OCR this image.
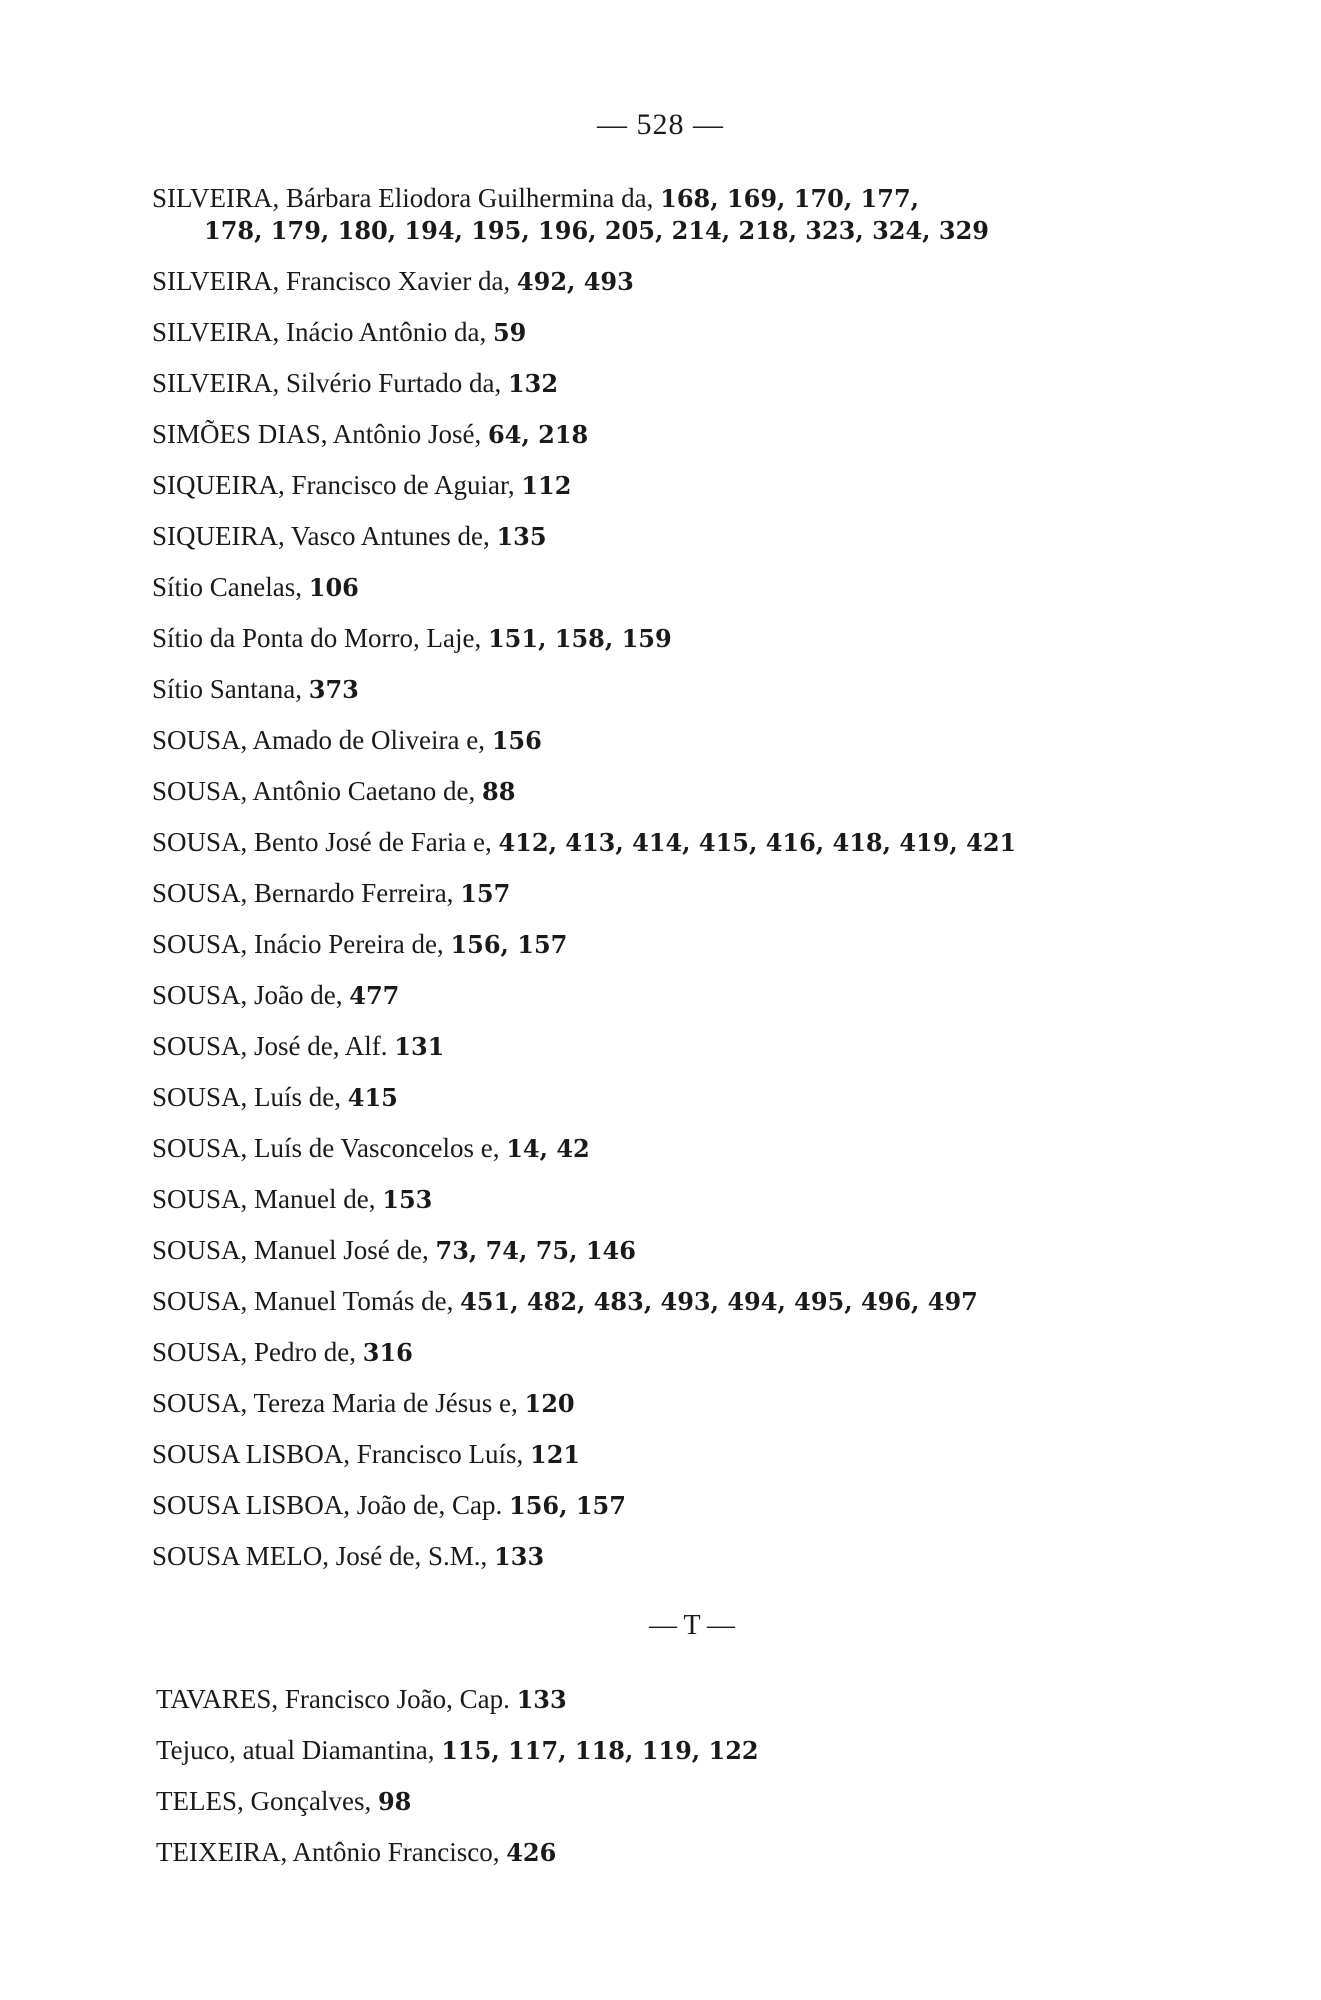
— 528 —
SILVEIRA, Bárbara Eliodora Guilhermina da, 168, 169, 170, 177,
178, 179, 180, 194, 195, 196, 205, 214, 218, 323, 324, 329
SILVEIRA, Francisco Xavier da, 492, 493
SILVEIRA, Inácio Antônio da, 59
SILVEIRA, Silvério Furtado da, 132
SIMÕES DIAS, Antônio José, 64, 218
SIQUEIRA, Francisco de Aguiar, 112
SIQUEIRA, Vasco Antunes de, 135
Sítio Canelas, 106
Sítio da Ponta do Morro, Laje, 151, 158, 159
Sítio Santana, 373
SOUSA, Amado de Oliveira e, 156
SOUSA, Antônio Caetano de, 88
SOUSA, Bento José de Faria e, 412, 413, 414, 415, 416, 418, 419, 421
SOUSA, Bernardo Ferreira, 157
SOUSA, Inácio Pereira de, 156, 157
SOUSA, João de, 477
SOUSA, José de, Alf. 131
SOUSA, Luís de, 415
SOUSA, Luís de Vasconcelos e, 14, 42
SOUSA, Manuel de, 153
SOUSA, Manuel José de, 73, 74, 75, 146
SOUSA, Manuel Tomás de, 451, 482, 483, 493, 494, 495, 496, 497
SOUSA, Pedro de, 316
SOUSA, Tereza Maria de Jésus e, 120
SOUSA LISBOA, Francisco Luís, 121
SOUSA LISBOA, João de, Cap. 156, 157
SOUSA MELO, José de, S.M., 133
— T —
TAVARES, Francisco João, Cap. 133
Tejuco, atual Diamantina, 115, 117, 118, 119, 122
TELES, Gonçalves, 98
TEIXEIRA, Antônio Francisco, 426
